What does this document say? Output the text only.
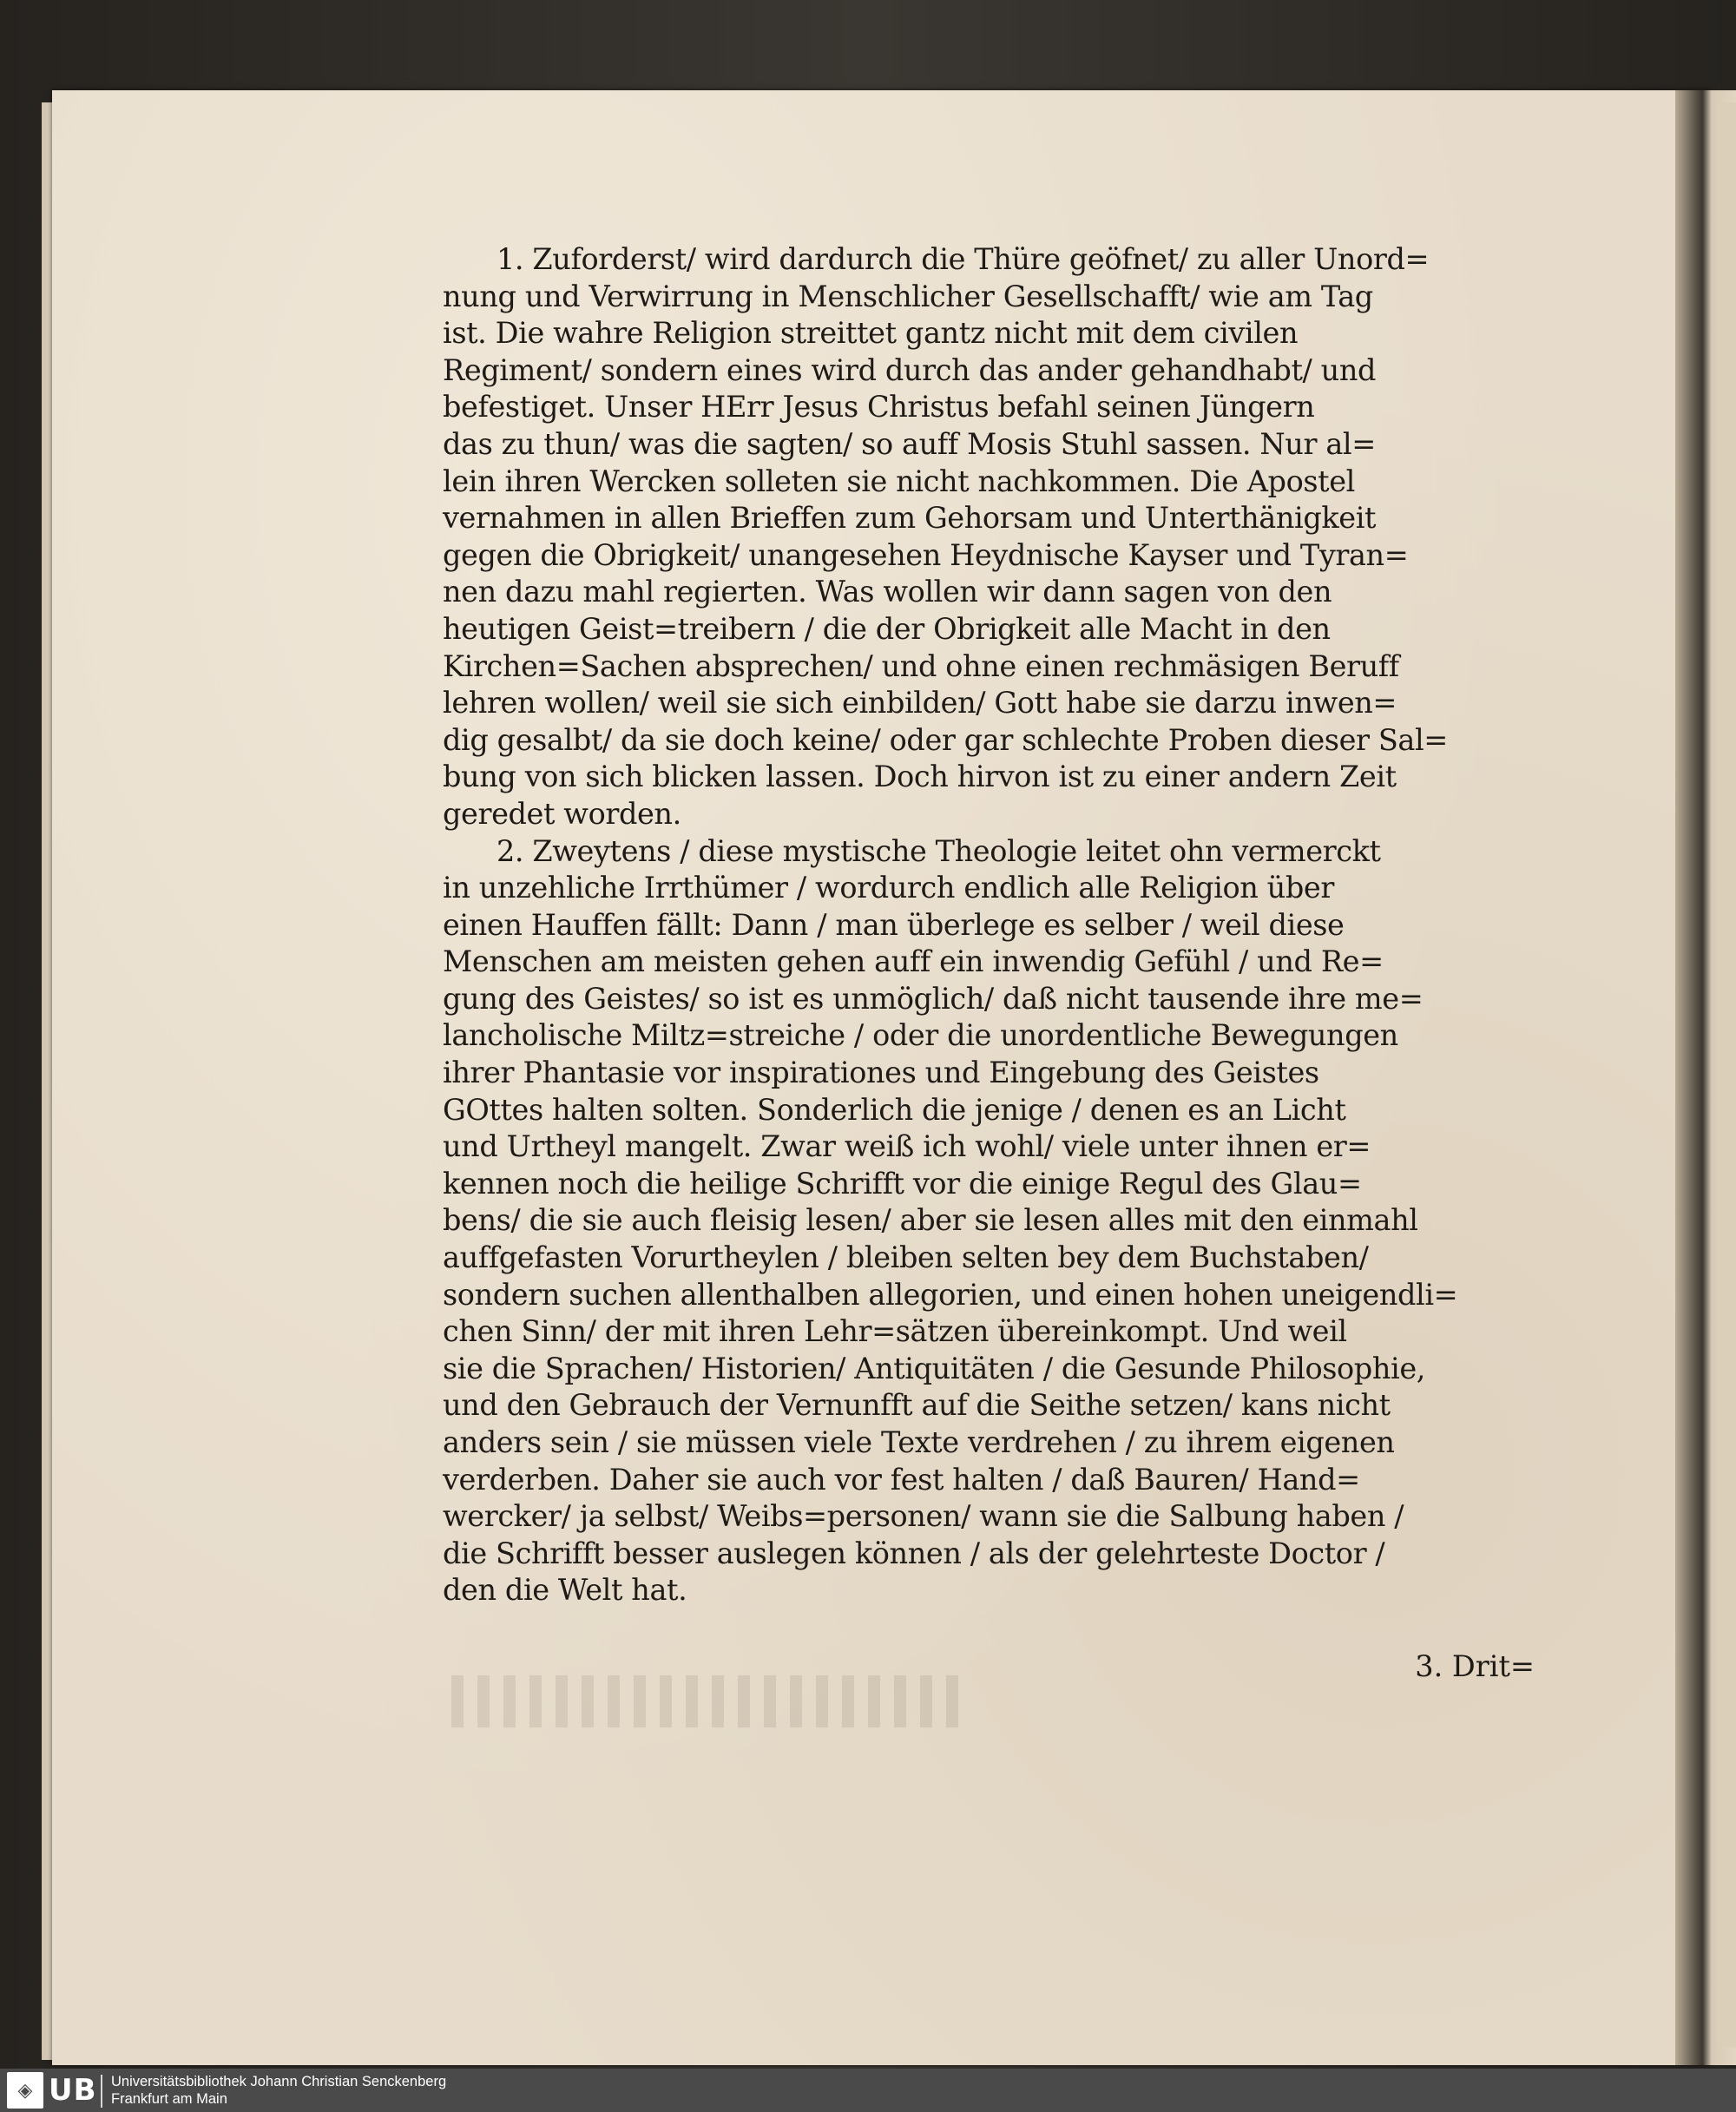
1. Zuforderst/ wird dardurch die Thüre geöfnet/ zu aller Unord=
nung und Verwirrung in Menschlicher Gesellschafft/ wie am Tag
ist. Die wahre Religion streittet gantz nicht mit dem civilen
Regiment/ sondern eines wird durch das ander gehandhabt/ und
befestiget. Unser HErr Jesus Christus befahl seinen Jüngern
das zu thun/ was die sagten/ so auff Mosis Stuhl sassen. Nur al=
lein ihren Wercken solleten sie nicht nachkommen. Die Apostel
vernahmen in allen Brieffen zum Gehorsam und Unterthänigkeit
gegen die Obrigkeit/ unangesehen Heydnische Kayser und Tyran=
nen dazu mahl regierten. Was wollen wir dann sagen von den
heutigen Geist=treibern / die der Obrigkeit alle Macht in den
Kirchen=Sachen absprechen/ und ohne einen rechmäsigen Beruff
lehren wollen/ weil sie sich einbilden/ Gott habe sie darzu inwen=
dig gesalbt/ da sie doch keine/ oder gar schlechte Proben dieser Sal=
bung von sich blicken lassen. Doch hirvon ist zu einer andern Zeit
geredet worden.

2. Zweytens / diese mystische Theologie leitet ohn vermerckt
in unzehliche Irrthümer / wordurch endlich alle Religion über
einen Hauffen fällt: Dann / man überlege es selber / weil diese
Menschen am meisten gehen auff ein inwendig Gefühl / und Re=
gung des Geistes/ so ist es unmöglich/ daß nicht tausende ihre me=
lancholische Miltz=streiche / oder die unordentliche Bewegungen
ihrer Phantasie vor inspirationes und Eingebung des Geistes
GOttes halten solten. Sonderlich die jenige / denen es an Licht
und Urtheyl mangelt. Zwar weiß ich wohl/ viele unter ihnen er=
kennen noch die heilige Schrifft vor die einige Regul des Glau=
bens/ die sie auch fleisig lesen/ aber sie lesen alles mit den einmahl
auffgefasten Vorurtheylen / bleiben selten bey dem Buchstaben/
sondern suchen allenthalben allegorien, und einen hohen uneigendli=
chen Sinn/ der mit ihren Lehr=sätzen übereinkompt. Und weil
sie die Sprachen/ Historien/ Antiquitäten / die Gesunde Philosophie,
und den Gebrauch der Vernunfft auf die Seithe setzen/ kans nicht
anders sein / sie müssen viele Texte verdrehen / zu ihrem eigenen
verderben. Daher sie auch vor fest halten / daß Bauren/ Hand=
wercker/ ja selbst/ Weibs=personen/ wann sie die Salbung haben /
die Schrifft besser auslegen können / als der gelehrteste Doctor /
den die Welt hat.

3. Drit=
◈ UB Universitätsbibliothek Johann Christian Senckenberg
Frankfurt am Main
